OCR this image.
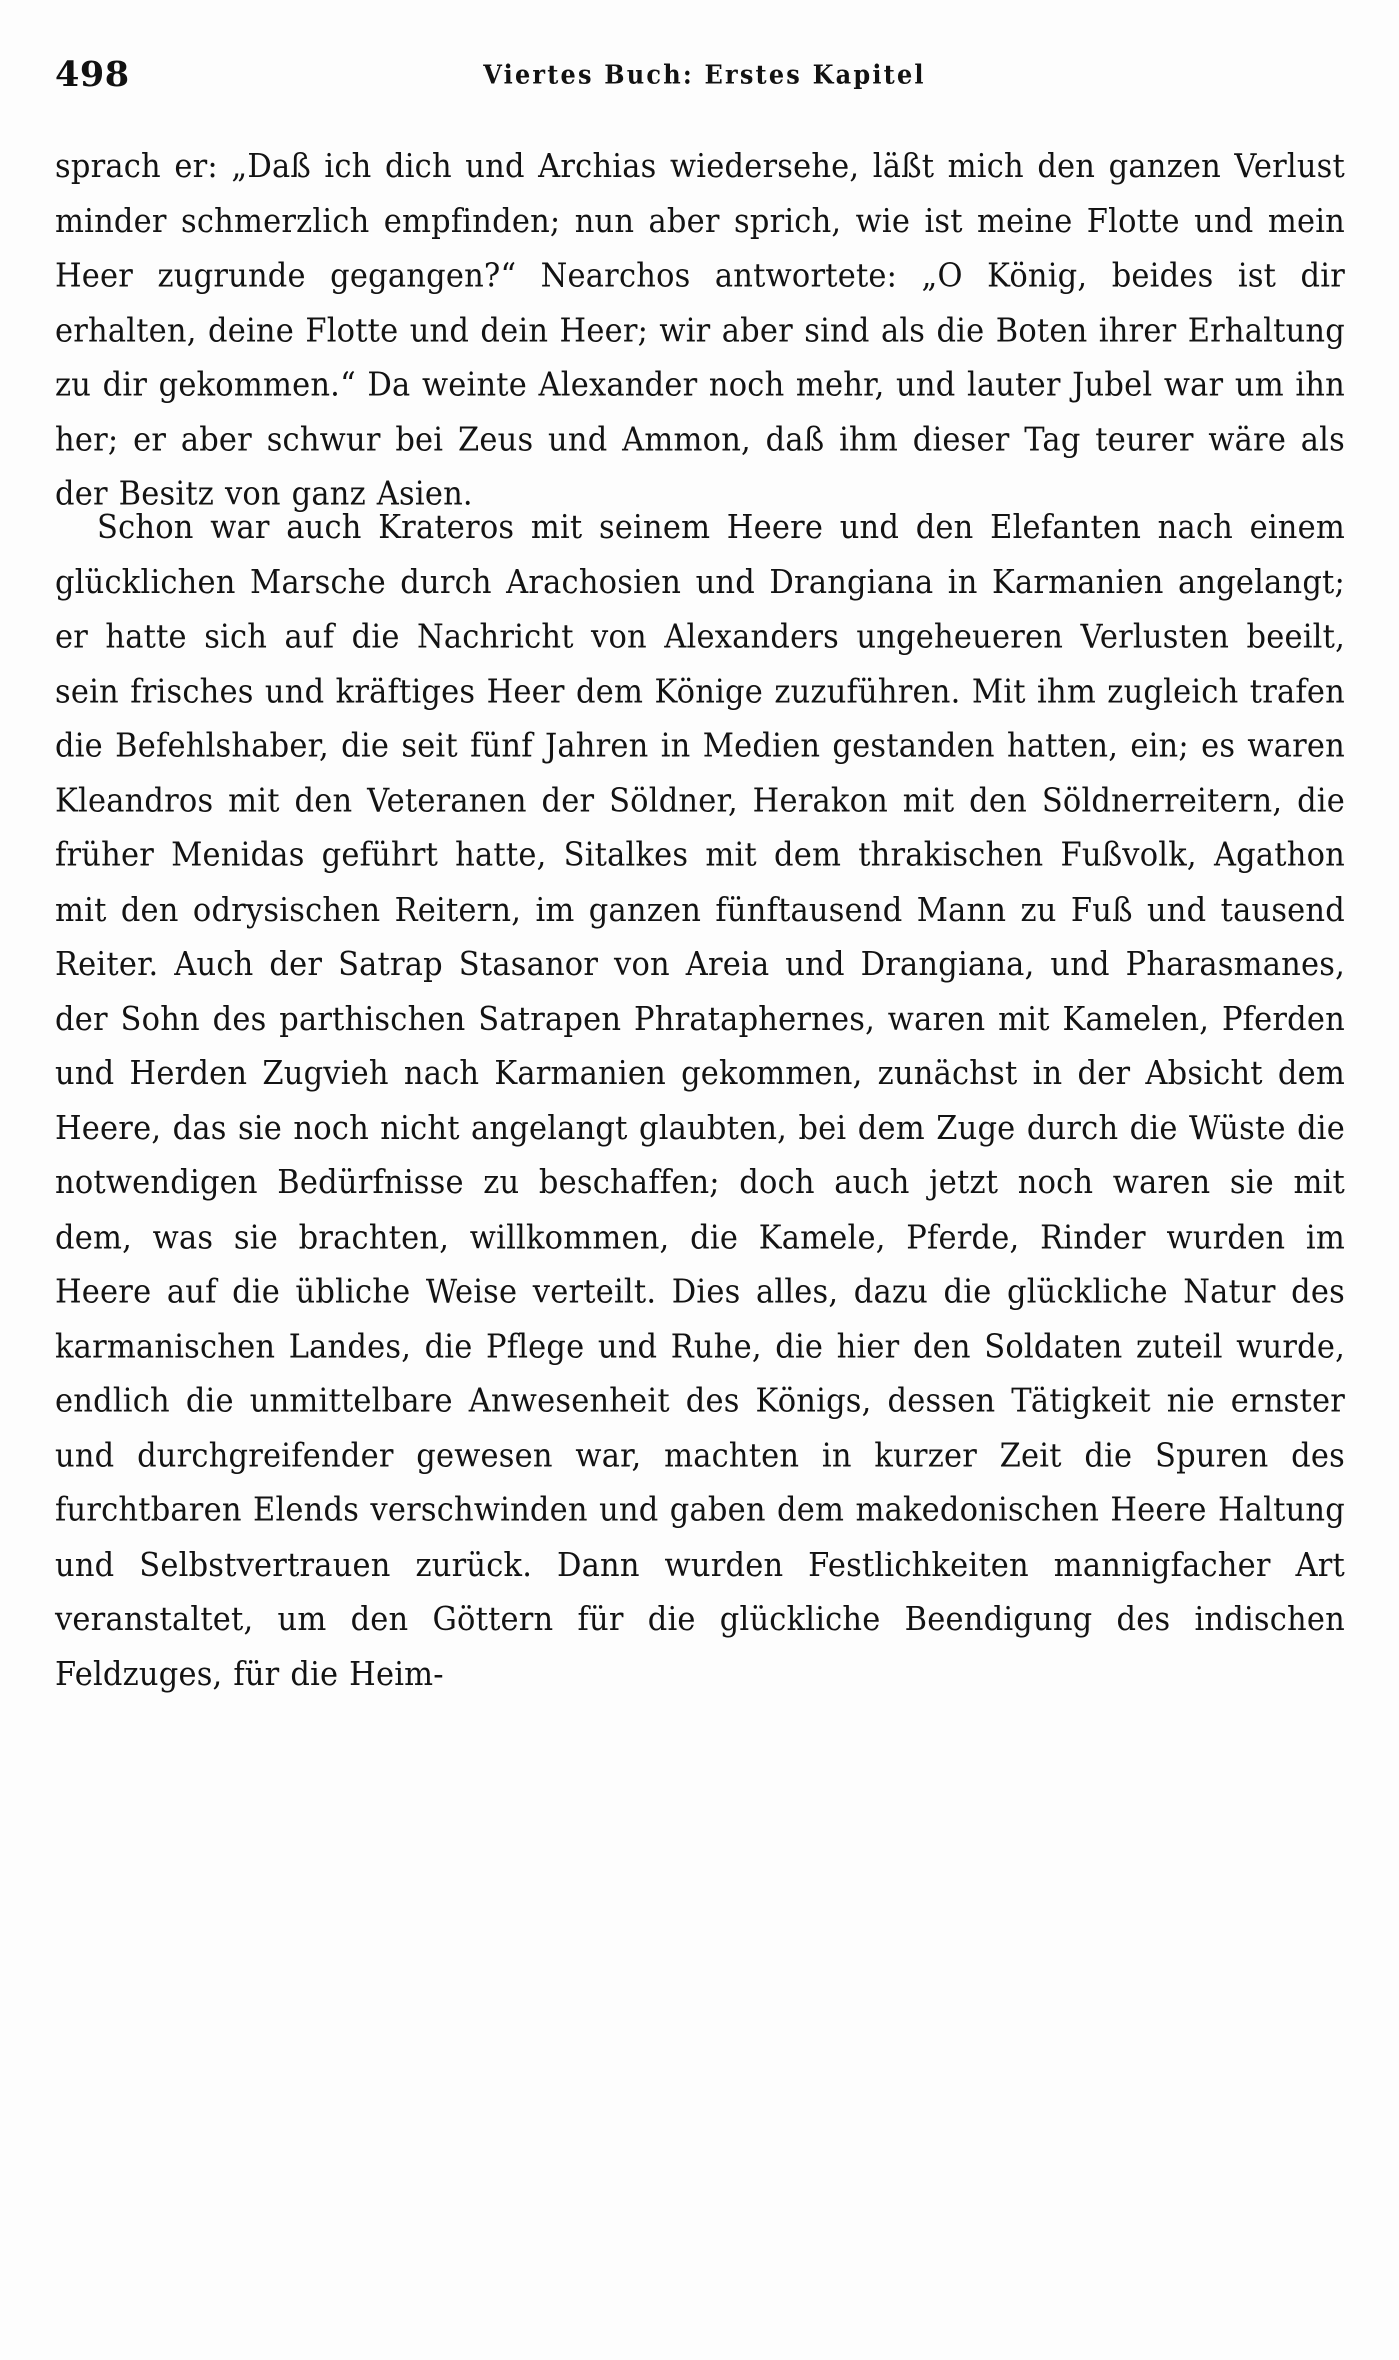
498	Viertes Buch: Erstes Kapitel

sprach er: „Daß ich dich und Archias wiedersehe, läßt mich den ganzen Verlust minder schmerzlich empfinden; nun aber sprich, wie ist meine Flotte und mein Heer zugrunde gegangen?“ Nearchos antwortete: „O König, beides ist dir erhalten, deine Flotte und dein Heer; wir aber sind als die Boten ihrer Erhaltung zu dir gekommen.“ Da weinte Alexander noch mehr, und lauter Jubel war um ihn her; er aber schwur bei Zeus und Ammon, daß ihm dieser Tag teurer wäre als der Besitz von ganz Asien.

Schon war auch Krateros mit seinem Heere und den Elefanten nach einem glücklichen Marsche durch Arachosien und Drangiana in Karmanien angelangt; er hatte sich auf die Nachricht von Alexanders ungeheueren Verlusten beeilt, sein frisches und kräftiges Heer dem Könige zuzuführen. Mit ihm zugleich trafen die Befehlshaber, die seit fünf Jahren in Medien gestanden hatten, ein; es waren Kleandros mit den Veteranen der Söldner, Herakon mit den Söldnerreitern, die früher Menidas geführt hatte, Sitalkes mit dem thrakischen Fußvolk, Agathon mit den odrysischen Reitern, im ganzen fünftausend Mann zu Fuß und tausend Reiter. Auch der Satrap Stasanor von Areia und Drangiana, und Pharasmanes, der Sohn des parthischen Satrapen Phrataphernes, waren mit Kamelen, Pferden und Herden Zugvieh nach Karmanien gekommen, zunächst in der Absicht dem Heere, das sie noch nicht angelangt glaubten, bei dem Zuge durch die Wüste die notwendigen Bedürfnisse zu beschaffen; doch auch jetzt noch waren sie mit dem, was sie brachten, willkommen, die Kamele, Pferde, Rinder wurden im Heere auf die übliche Weise verteilt. Dies alles, dazu die glückliche Natur des karmanischen Landes, die Pflege und Ruhe, die hier den Soldaten zuteil wurde, endlich die unmittelbare Anwesenheit des Königs, dessen Tätigkeit nie ernster und durchgreifender gewesen war, machten in kurzer Zeit die Spuren des furchtbaren Elends verschwinden und gaben dem makedonischen Heere Haltung und Selbstvertrauen zurück. Dann wurden Festlichkeiten mannigfacher Art veranstaltet, um den Göttern für die glückliche Beendigung des indischen Feldzuges, für die Heim-
